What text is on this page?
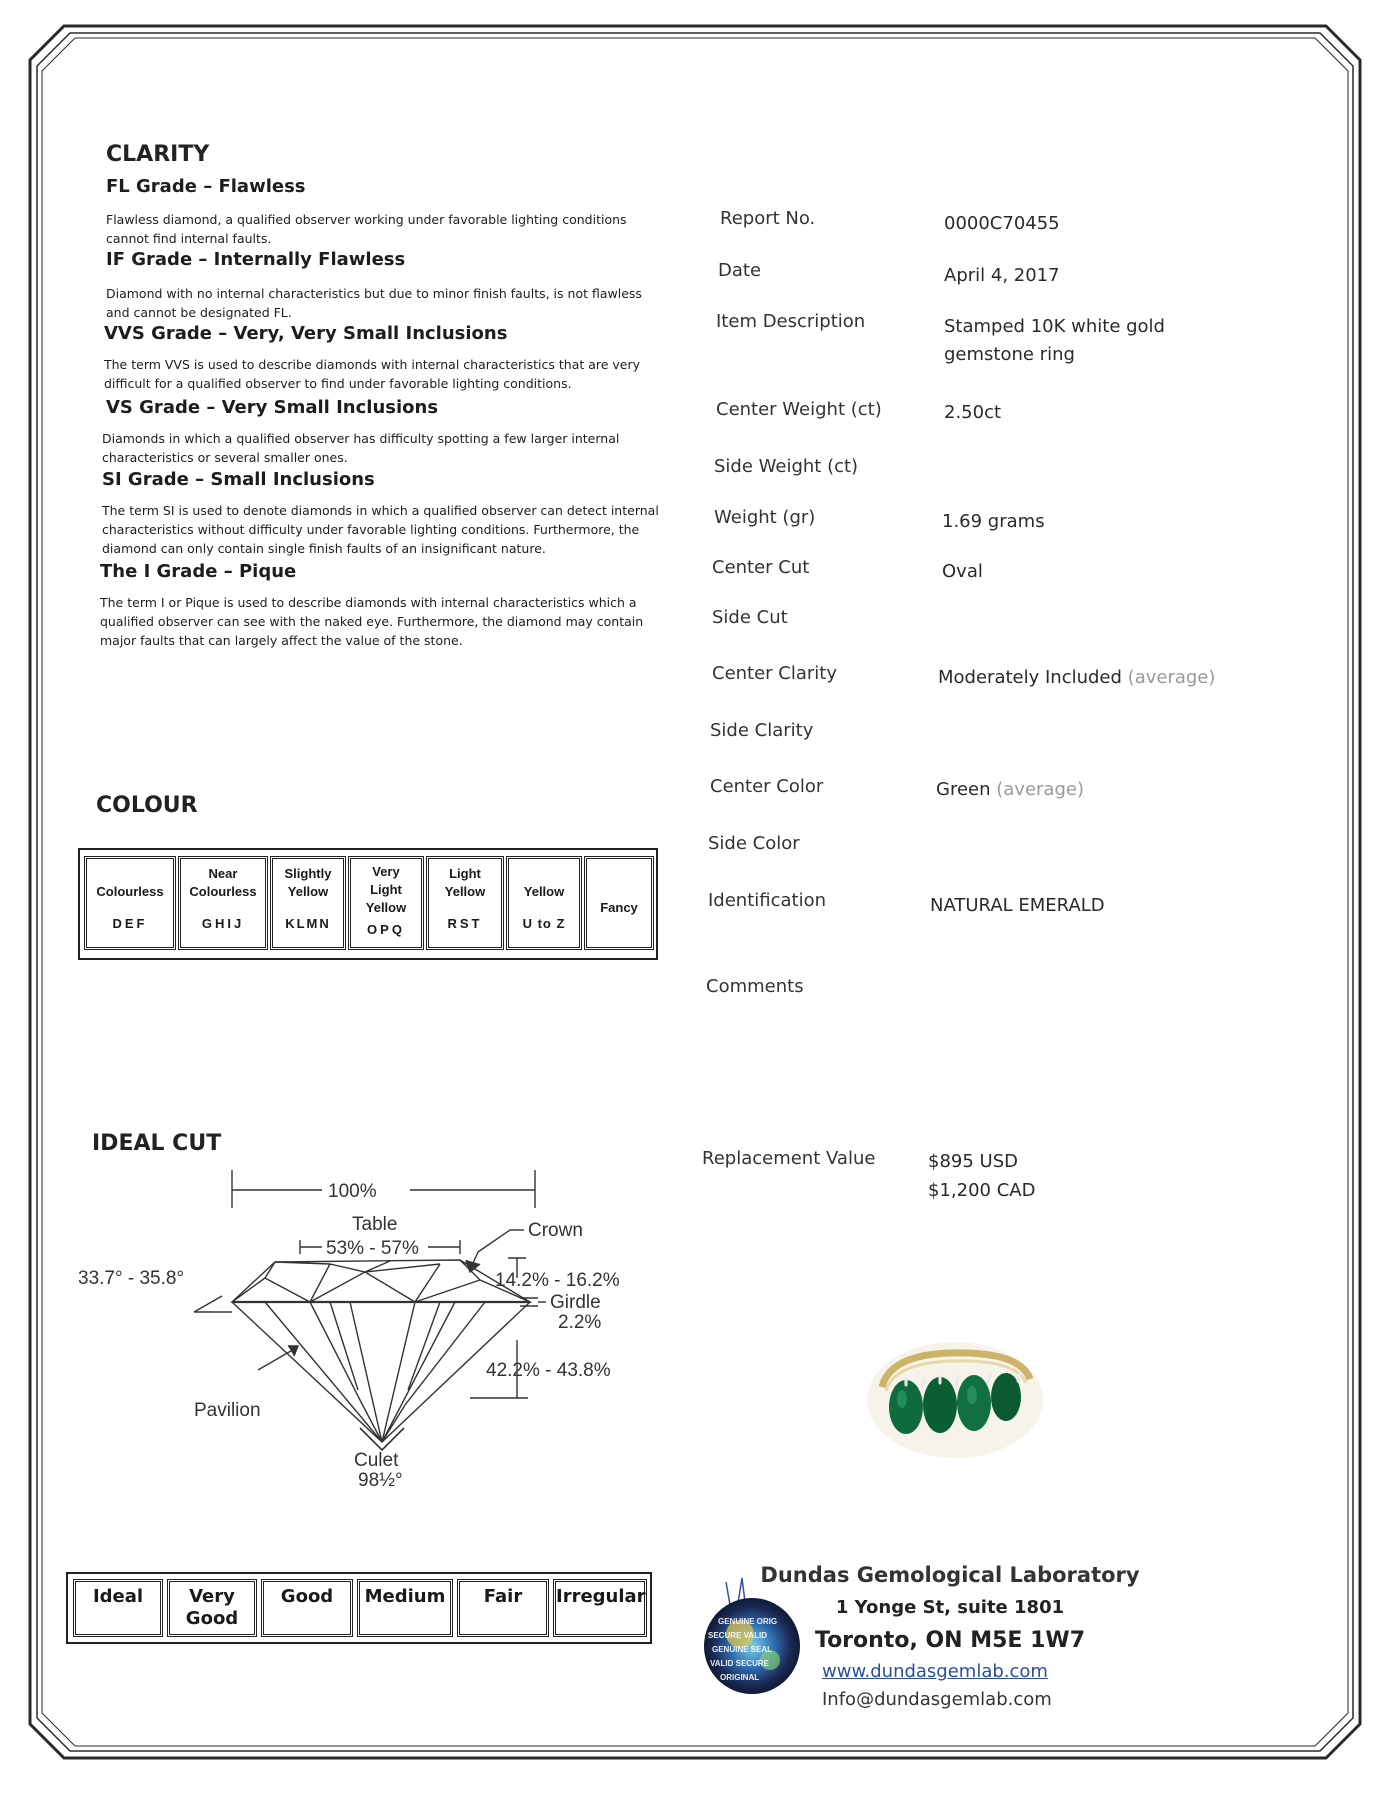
CLARITY
FL Grade – Flawless
Flawless diamond, a qualified observer working under favorable lighting conditions cannot find internal faults.
IF Grade – Internally Flawless
Diamond with no internal characteristics but due to minor finish faults, is not flawless and cannot be designated FL.
VVS Grade – Very, Very Small Inclusions
The term VVS is used to describe diamonds with internal characteristics that are very difficult for a qualified observer to find under favorable lighting conditions.
VS Grade – Very Small Inclusions
Diamonds in which a qualified observer has difficulty spotting a few larger internal characteristics or several smaller ones.
SI Grade – Small Inclusions
The term SI is used to denote diamonds in which a qualified observer can detect internal characteristics without difficulty under favorable lighting conditions. Furthermore, the diamond can only contain single finish faults of an insignificant nature.
The I Grade – Pique
The term I or Pique is used to describe diamonds with internal characteristics which a qualified observer can see with the naked eye. Furthermore, the diamond may contain major faults that can largely affect the value of the stone.
COLOUR
Colourless
DEF
Near Colourless
GHIJ
Slightly Yellow
KLMN
Very Light Yellow
OPQ
Light Yellow
RST
Yellow
U to Z
Fancy
IDEAL CUT
100%
Table
53% - 57%
Crown
33.7° - 35.8°	14.2% - 16.2%
Girdle
2.2%
42.2% - 43.8%
Pavilion
Culet
98½°
Ideal	Very Good
Good	Medium	Fair	Irregular
Report No.	0000C70455
Date	April 4, 2017
Item Description	Stamped 10K white gold gemstone ring
Center Weight (ct)	2.50ct
Side Weight (ct)
Weight (gr)	1.69 grams
Center Cut	Oval
Side Cut
Center Clarity	Moderately Included (average)
Side Clarity
Center Color	Green (average)
Side Color
Identification	NATURAL EMERALD
Comments
Replacement Value	$895 USD
$1,200 CAD
GENUINE ORIG
SECURE VALID
GENUINE SEAL
VALID SECURE
ORIGINAL
Dundas Gemological Laboratory
1 Yonge St, suite 1801
Toronto, ON M5E 1W7
www.dundasgemlab.com
Info@dundasgemlab.com
